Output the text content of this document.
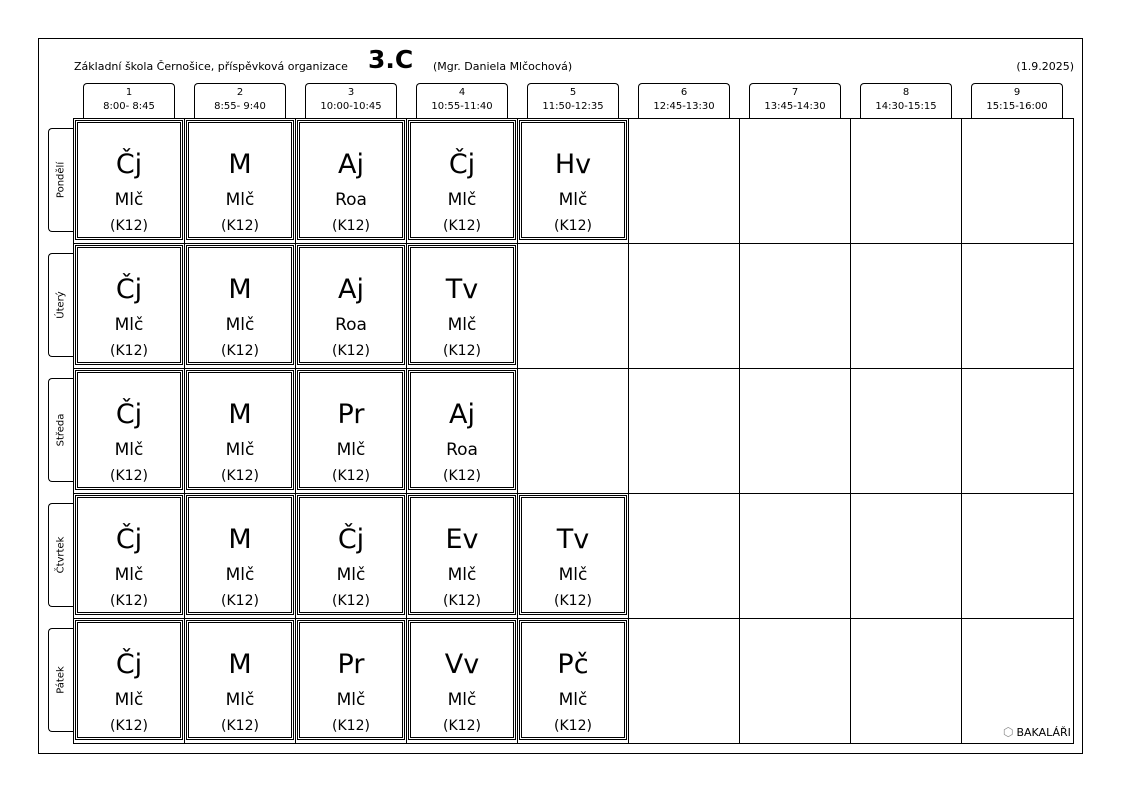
Základní škola Černošice, příspěvková organizace 3.C (Mgr. Daniela Mlčochová)	(1.9.2025)
1
8:00- 8:45
2
8:55- 9:40
3
10:00-10:45
4
10:55-11:40
5
11:50-12:35
6
12:45-13:30
7
13:45-14:30
8
14:30-15:15
9
15:15-16:00
Pondělí
Úterý
Středa
Čtvrtek
Pátek
Čj
Mlč
(K12)
M
Mlč
(K12)
Aj
Roa
(K12)
Čj
Mlč
(K12)
Hv
Mlč
(K12)
Čj
Mlč
(K12)
M
Mlč
(K12)
Aj
Roa
(K12)
Tv
Mlč
(K12)
Čj
Mlč
(K12)
M
Mlč
(K12)
Pr
Mlč
(K12)
Aj
Roa
(K12)
Čj
Mlč
(K12)
M
Mlč
(K12)
Čj
Mlč
(K12)
Ev
Mlč
(K12)
Tv
Mlč
(K12)
Čj
Mlč
(K12)
M
Mlč
(K12)
Pr
Mlč
(K12)
Vv
Mlč
(K12)
Pč
Mlč
(K12)	⬡ BAKALÁŘI
